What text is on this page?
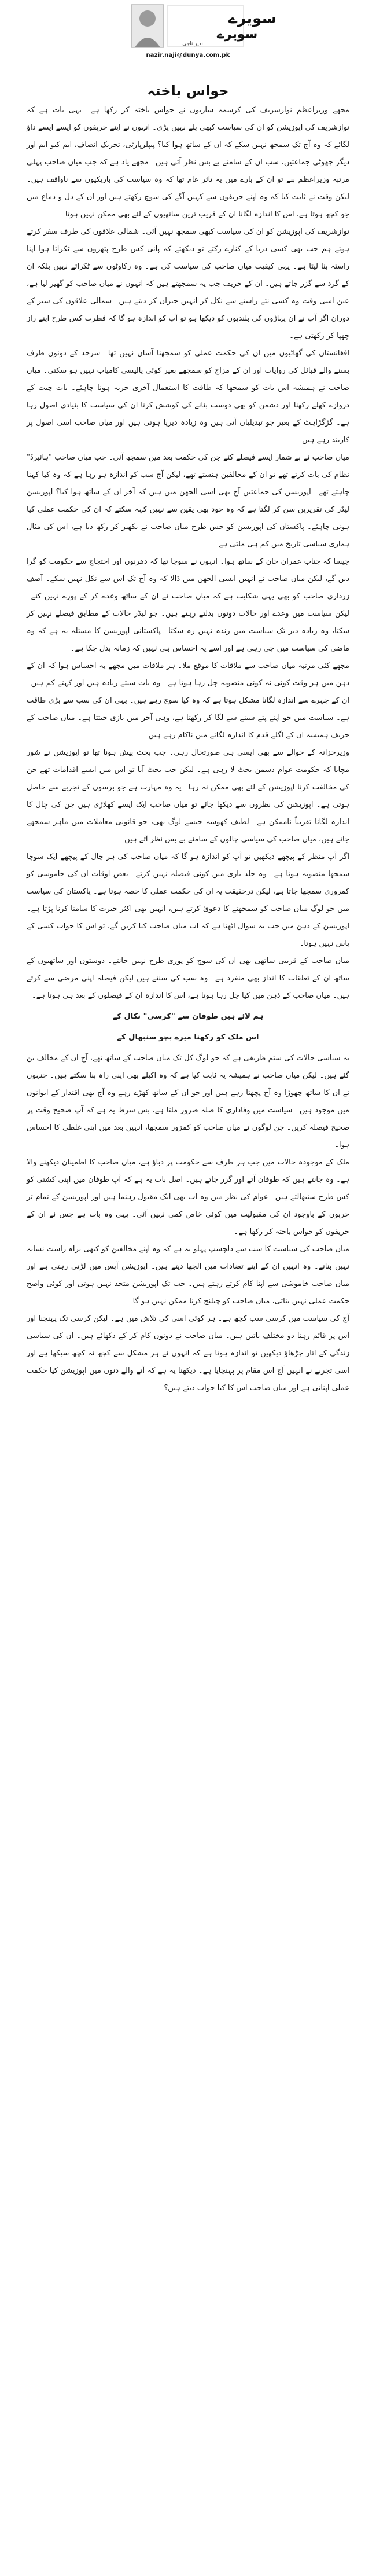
سویرے
سویرے
نذیر ناجی
nazir.naji@dunya.com.pk
حواس باختہ

مجھے وزیراعظم نوازشریف کی کرشمہ سازیوں نے حواس باختہ کر رکھا ہے۔ یہی بات ہے کہ نوازشریف کی اپوزیشن کو ان کی سیاست کبھی پلے نہیں پڑی۔ انہوں نے اپنے حریفوں کو ایسے ایسے داؤ لگائے کہ وہ آج تک سمجھ نہیں سکے کہ ان کے ساتھ ہوا کیا؟ پیپلزپارٹی، تحریک انصاف، ایم کیو ایم اور دیگر چھوٹی جماعتیں، سب ان کے سامنے بے بس نظر آتی ہیں۔ مجھے یاد ہے کہ جب میاں صاحب پہلی مرتبہ وزیراعظم بنے تو ان کے بارے میں یہ تاثر عام تھا کہ وہ سیاست کی باریکیوں سے ناواقف ہیں۔ لیکن وقت نے ثابت کیا کہ وہ اپنے حریفوں سے کہیں آگے کی سوچ رکھتے ہیں اور ان کے دل و دماغ میں جو کچھ ہوتا ہے، اس کا اندازہ لگانا ان کے قریب ترین ساتھیوں کے لئے بھی ممکن نہیں ہوتا۔

نوازشریف کی اپوزیشن کو ان کی سیاست کبھی سمجھ نہیں آئی۔ شمالی علاقوں کی طرف سفر کرتے ہوئے ہم جب بھی کسی دریا کے کنارے رکتے تو دیکھتے کہ پانی کس طرح پتھروں سے ٹکراتا ہوا اپنا راستہ بنا لیتا ہے۔ یہی کیفیت میاں صاحب کی سیاست کی ہے۔ وہ رکاوٹوں سے ٹکراتے نہیں بلکہ ان کے گرد سے گزر جاتے ہیں۔ ان کے حریف جب یہ سمجھتے ہیں کہ انہوں نے میاں صاحب کو گھیر لیا ہے، عین اسی وقت وہ کسی نئے راستے سے نکل کر انہیں حیران کر دیتے ہیں۔ شمالی علاقوں کی سیر کے دوران اگر آپ نے ان پہاڑوں کی بلندیوں کو دیکھا ہو تو آپ کو اندازہ ہو گا کہ فطرت کس طرح اپنے راز چھپا کر رکھتی ہے۔

افغانستان کی گھاٹیوں میں ان کی حکمت عملی کو سمجھنا آسان نہیں تھا۔ سرحد کے دونوں طرف بسنے والے قبائل کی روایات اور ان کے مزاج کو سمجھے بغیر کوئی پالیسی کامیاب نہیں ہو سکتی۔ میاں صاحب نے ہمیشہ اس بات کو سمجھا کہ طاقت کا استعمال آخری حربہ ہونا چاہئے۔ بات چیت کے دروازے کھلے رکھنا اور دشمن کو بھی دوست بنانے کی کوشش کرنا ان کی سیاست کا بنیادی اصول رہا ہے۔ گڑگڑاہٹ کے بغیر جو تبدیلیاں آتی ہیں وہ زیادہ دیرپا ہوتی ہیں اور میاں صاحب اسی اصول پر کاربند رہے ہیں۔

میاں صاحب نے بے شمار ایسے فیصلے کئے جن کی حکمت بعد میں سمجھ آئی۔ جب میاں صاحب "ہائبرڈ" نظام کی بات کرتے تھے تو ان کے مخالفین ہنستے تھے، لیکن آج سب کو اندازہ ہو رہا ہے کہ وہ کیا کہنا چاہتے تھے۔ اپوزیشن کی جماعتیں آج بھی اسی الجھن میں ہیں کہ آخر ان کے ساتھ ہوا کیا؟ اپوزیشن لیڈر کی تقریریں سن کر لگتا ہے کہ وہ خود بھی یقین سے نہیں کہہ سکتے کہ ان کی حکمت عملی کیا ہونی چاہئے۔ پاکستان کی اپوزیشن کو جس طرح میاں صاحب نے بکھیر کر رکھ دیا ہے، اس کی مثال ہماری سیاسی تاریخ میں کم ہی ملتی ہے۔

جیسا کہ جناب عمران خان کے ساتھ ہوا۔ انہوں نے سوچا تھا کہ دھرنوں اور احتجاج سے حکومت کو گرا دیں گے، لیکن میاں صاحب نے انہیں ایسی الجھن میں ڈالا کہ وہ آج تک اس سے نکل نہیں سکے۔ آصف زرداری صاحب کو بھی یہی شکایت ہے کہ میاں صاحب نے ان کے ساتھ وعدے کر کے پورے نہیں کئے۔ لیکن سیاست میں وعدے اور حالات دونوں بدلتے رہتے ہیں۔ جو لیڈر حالات کے مطابق فیصلے نہیں کر سکتا، وہ زیادہ دیر تک سیاست میں زندہ نہیں رہ سکتا۔ پاکستانی اپوزیشن کا مسئلہ یہ ہے کہ وہ ماضی کی سیاست میں جی رہی ہے اور اسے یہ احساس ہی نہیں کہ زمانہ بدل چکا ہے۔

مجھے کئی مرتبہ میاں صاحب سے ملاقات کا موقع ملا۔ ہر ملاقات میں مجھے یہ احساس ہوا کہ ان کے ذہن میں ہر وقت کوئی نہ کوئی منصوبہ چل رہا ہوتا ہے۔ وہ بات سنتے زیادہ ہیں اور کہتے کم ہیں۔ ان کے چہرے سے اندازہ لگانا مشکل ہوتا ہے کہ وہ کیا سوچ رہے ہیں۔ یہی ان کی سب سے بڑی طاقت ہے۔ سیاست میں جو اپنے پتے سینے سے لگا کر رکھتا ہے، وہی آخر میں بازی جیتتا ہے۔ میاں صاحب کے حریف ہمیشہ ان کے اگلے قدم کا اندازہ لگانے میں ناکام رہے ہیں۔

وزیرخزانہ کے حوالے سے بھی ایسی ہی صورتحال رہی۔ جب بجٹ پیش ہونا تھا تو اپوزیشن نے شور مچایا کہ حکومت عوام دشمن بجٹ لا رہی ہے۔ لیکن جب بجٹ آیا تو اس میں ایسے اقدامات تھے جن کی مخالفت کرنا اپوزیشن کے لئے بھی ممکن نہ رہا۔ یہ وہ مہارت ہے جو برسوں کے تجربے سے حاصل ہوتی ہے۔ اپوزیشن کی نظروں سے دیکھا جائے تو میاں صاحب ایک ایسے کھلاڑی ہیں جن کی چال کا اندازہ لگانا تقریباً ناممکن ہے۔ لطیف کھوسہ جیسے لوگ بھی، جو قانونی معاملات میں ماہر سمجھے جاتے ہیں، میاں صاحب کی سیاسی چالوں کے سامنے بے بس نظر آتے ہیں۔

اگر آپ منظر کے پیچھے دیکھیں تو آپ کو اندازہ ہو گا کہ میاں صاحب کی ہر چال کے پیچھے ایک سوچا سمجھا منصوبہ ہوتا ہے۔ وہ جلد بازی میں کوئی فیصلہ نہیں کرتے۔ بعض اوقات ان کی خاموشی کو کمزوری سمجھا جاتا ہے، لیکن درحقیقت یہ ان کی حکمت عملی کا حصہ ہوتا ہے۔ پاکستان کی سیاست میں جو لوگ میاں صاحب کو سمجھنے کا دعویٰ کرتے ہیں، انہیں بھی اکثر حیرت کا سامنا کرنا پڑتا ہے۔ اپوزیشن کے ذہن میں جب یہ سوال اٹھتا ہے کہ اب میاں صاحب کیا کریں گے، تو اس کا جواب کسی کے پاس نہیں ہوتا۔

میاں صاحب کے قریبی ساتھی بھی ان کی سوچ کو پوری طرح نہیں جانتے۔ دوستوں اور ساتھیوں کے ساتھ ان کے تعلقات کا انداز بھی منفرد ہے۔ وہ سب کی سنتے ہیں لیکن فیصلہ اپنی مرضی سے کرتے ہیں۔ میاں صاحب کے ذہن میں کیا چل رہا ہوتا ہے، اس کا اندازہ ان کے فیصلوں کے بعد ہی ہوتا ہے۔

ہم لائے ہیں طوفان سے "کرسی" نکال کے

اس ملک کو رکھنا میرے بچو سنبھال کے

یہ سیاسی حالات کی ستم ظریفی ہے کہ جو لوگ کل تک میاں صاحب کے ساتھ تھے، آج ان کے مخالف بن گئے ہیں۔ لیکن میاں صاحب نے ہمیشہ یہ ثابت کیا ہے کہ وہ اکیلے بھی اپنی راہ بنا سکتے ہیں۔ جنہوں نے ان کا ساتھ چھوڑا وہ آج پچھتا رہے ہیں اور جو ان کے ساتھ کھڑے رہے وہ آج بھی اقتدار کے ایوانوں میں موجود ہیں۔ سیاست میں وفاداری کا صلہ ضرور ملتا ہے، بس شرط یہ ہے کہ آپ صحیح وقت پر صحیح فیصلہ کریں۔ جن لوگوں نے میاں صاحب کو کمزور سمجھا، انہیں بعد میں اپنی غلطی کا احساس ہوا۔

ملک کے موجودہ حالات میں جب ہر طرف سے حکومت پر دباؤ ہے، میاں صاحب کا اطمینان دیکھنے والا ہے۔ وہ جانتے ہیں کہ طوفان آتے اور گزر جاتے ہیں۔ اصل بات یہ ہے کہ آپ طوفان میں اپنی کشتی کو کس طرح سنبھالتے ہیں۔ عوام کی نظر میں وہ اب بھی ایک مقبول رہنما ہیں اور اپوزیشن کے تمام تر حربوں کے باوجود ان کی مقبولیت میں کوئی خاص کمی نہیں آئی۔ یہی وہ بات ہے جس نے ان کے حریفوں کو حواس باختہ کر رکھا ہے۔

میاں صاحب کی سیاست کا سب سے دلچسپ پہلو یہ ہے کہ وہ اپنے مخالفین کو کبھی براہ راست نشانہ نہیں بناتے۔ وہ انہیں ان کے اپنے تضادات میں الجھا دیتے ہیں۔ اپوزیشن آپس میں لڑتی رہتی ہے اور میاں صاحب خاموشی سے اپنا کام کرتے رہتے ہیں۔ جب تک اپوزیشن متحد نہیں ہوتی اور کوئی واضح حکمت عملی نہیں بناتی، میاں صاحب کو چیلنج کرنا ممکن نہیں ہو گا۔

آج کی سیاست میں کرسی سب کچھ ہے۔ ہر کوئی اسی کی تلاش میں ہے۔ لیکن کرسی تک پہنچنا اور اس پر قائم رہنا دو مختلف باتیں ہیں۔ میاں صاحب نے دونوں کام کر کے دکھائے ہیں۔ ان کی سیاسی زندگی کے اتار چڑھاؤ دیکھیں تو اندازہ ہوتا ہے کہ انہوں نے ہر مشکل سے کچھ نہ کچھ سیکھا ہے اور اسی تجربے نے انہیں آج اس مقام پر پہنچایا ہے۔ دیکھنا یہ ہے کہ آنے والے دنوں میں اپوزیشن کیا حکمت عملی اپناتی ہے اور میاں صاحب اس کا کیا جواب دیتے ہیں؟
